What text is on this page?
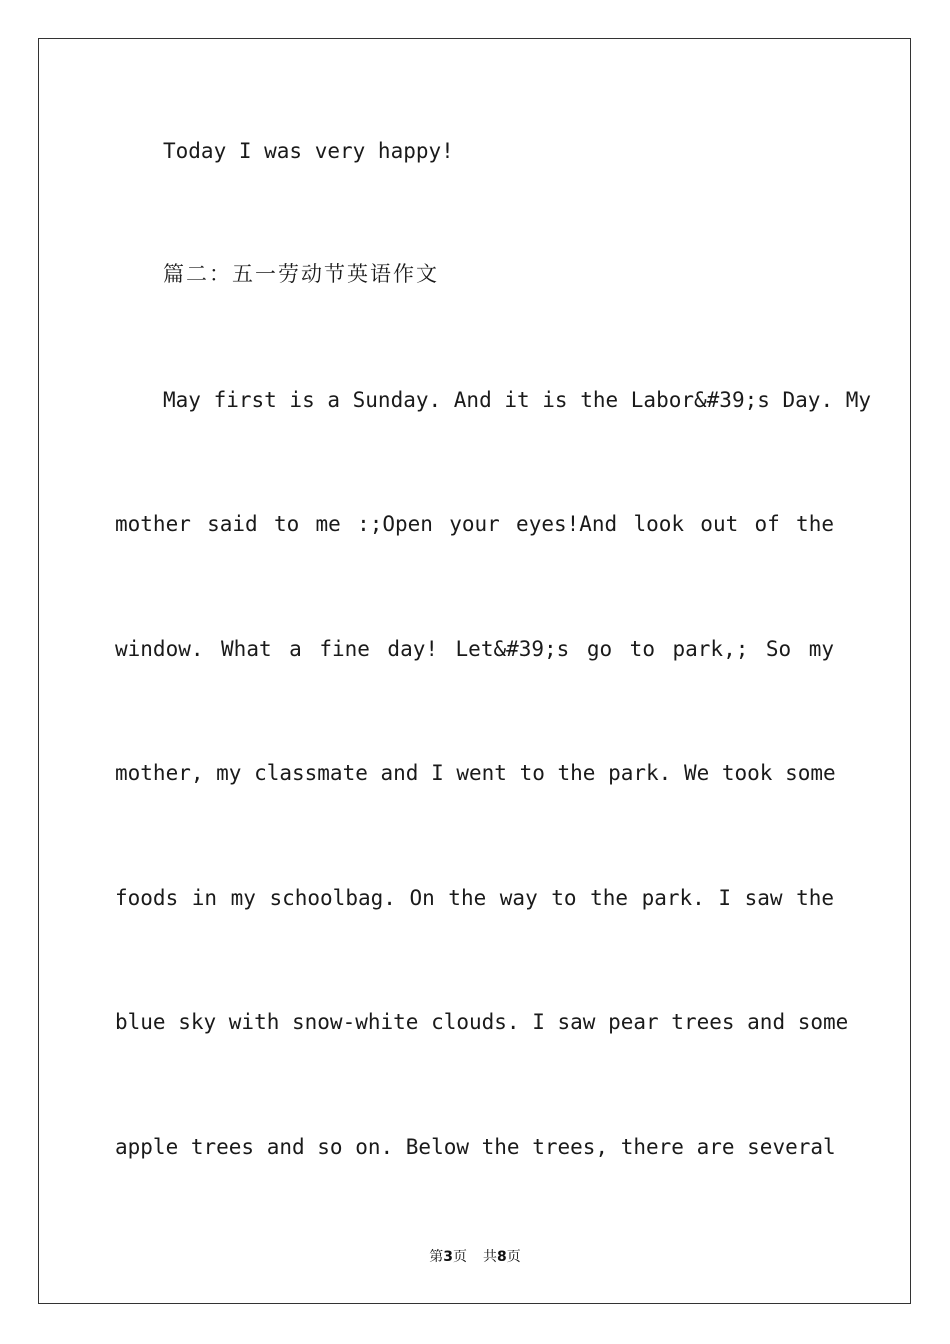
Today I was very happy!
篇二：五一劳动节英语作文
May first is a Sunday. And it is the Labor&#39;s Day. My
mother said to me :;Open your eyes!And look out of the
window. What a fine day! Let&#39;s go to park,; So my
mother, my classmate and I went to the park. We took some
foods in my schoolbag. On the way to the park. I saw the
blue sky with snow-white clouds. I saw pear trees and some
apple trees and so on. Below the trees, there are several
第3页 共8页
